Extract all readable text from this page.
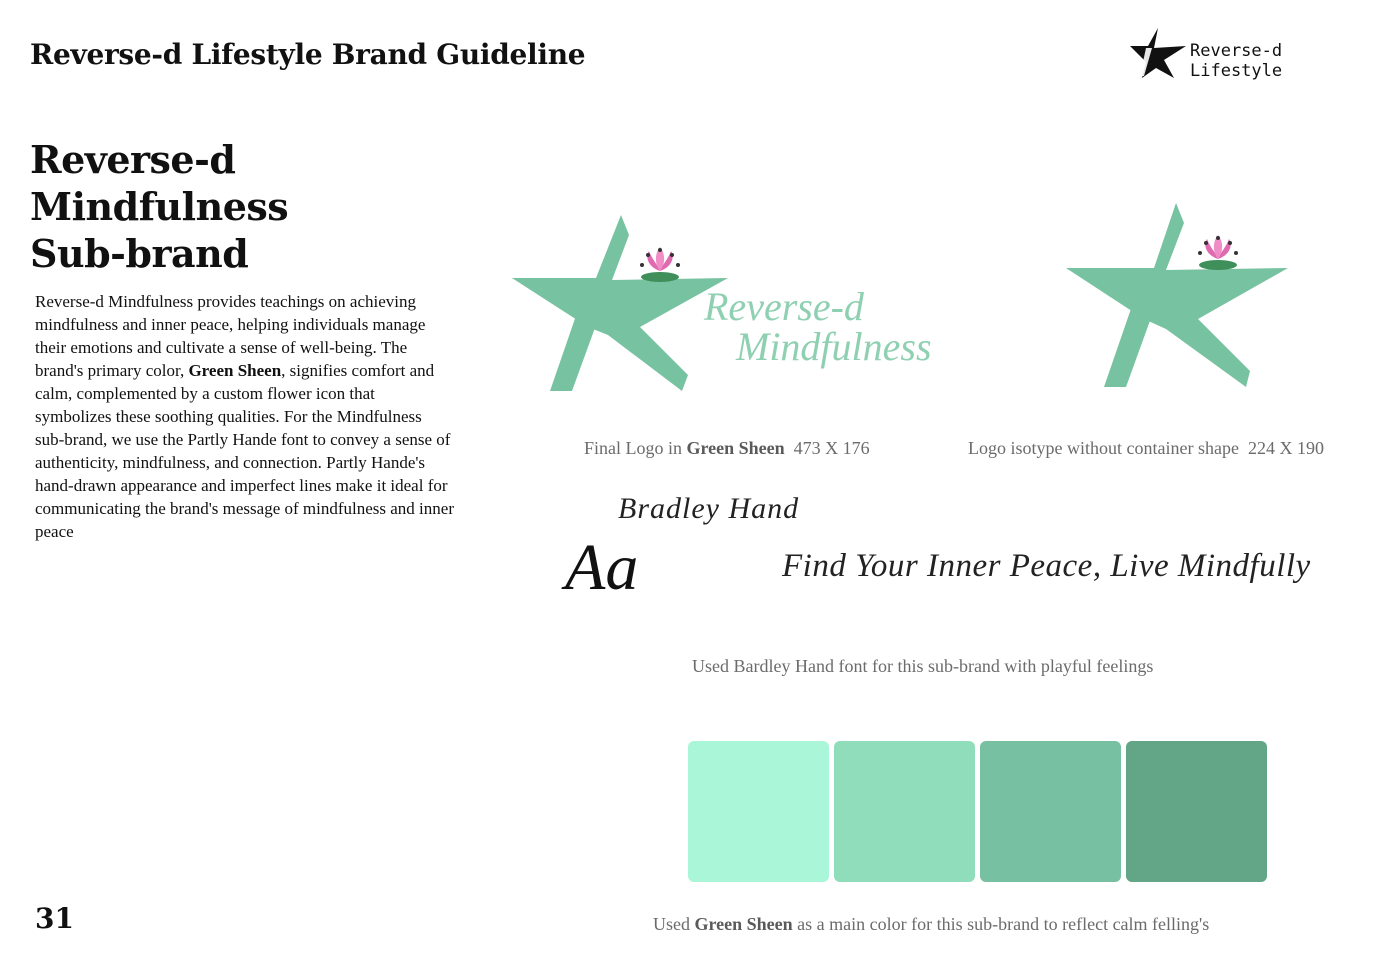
Reverse-d Lifestyle Brand Guideline	Reverse-d
Lifestyle
Reverse-d
Mindfulness
Sub-brand
Reverse-d Mindfulness provides teachings on achieving mindfulness and inner peace, helping individuals manage their emotions and cultivate a sense of well-being. The brand's primary color, Green Sheen, signifies comfort and calm, complemented by a custom flower icon that symbolizes these soothing qualities. For the Mindfulness sub-brand, we use the Partly Hande font to convey a sense of authenticity, mindfulness, and connection. Partly Hande's hand-drawn appearance and imperfect lines make it ideal for communicating the brand's message of mindfulness and inner peace
Reverse-d
Mindfulness
Final Logo in Green Sheen 473 X 176	Logo isotype without container shape 224 X 190
Bradley Hand
Aa	Find Your Inner Peace, Live Mindfully
Used Bardley Hand font for this sub-brand with playful feelings
Used Green Sheen as a main color for this sub-brand to reflect calm felling's
31
